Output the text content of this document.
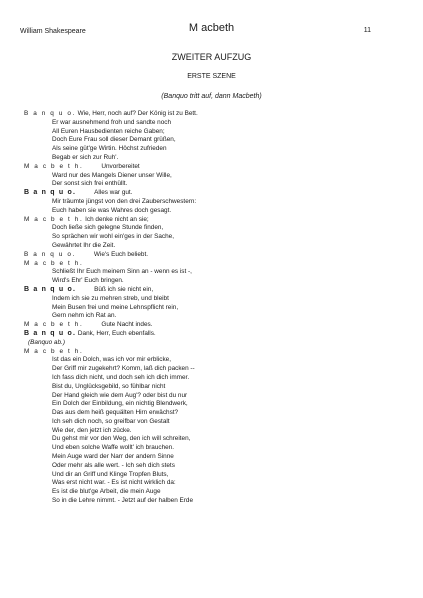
William Shakespeare	M acbeth	11
ZWEITER AUFZUG
ERSTE SZENE
(Banquo tritt auf, dann Macbeth)
B a n q u o. Wie, Herr, noch auf? Der König ist zu Bett.
Er war ausnehmend froh und sandte noch
All Euren Hausbedienten reiche Gaben;
Doch Eure Frau soll dieser Demant grüßen,
Als seine güt'ge Wirtin. Höchst zufrieden
Begab er sich zur Ruh'.
M a c b e t h.	Unvorbereitet
Ward nur des Mangels Diener unser Wille,
Der sonst sich frei enthüllt.
B a n q u o.	Alles war gut.
Mir träumte jüngst von den drei Zauberschwestern:
Euch haben sie was Wahres doch gesagt.
M a c b e t h. Ich denke nicht an sie;
Doch ließe sich gelegne Stunde finden,
So sprächen wir wohl ein'ges in der Sache,
Gewährtet Ihr die Zeit.
B a n q u o.	Wie's Euch beliebt.
M a c b e t h.
Schließt Ihr Euch meinem Sinn an - wenn es ist -,
Wird's Ehr' Euch bringen.
B a n q u o.	Büß ich sie nicht ein,
Indem ich sie zu mehren streb, und bleibt
Mein Busen frei und meine Lehnspflicht rein,
Gern nehm ich Rat an.
M a c b e t h.	Gute Nacht indes.
B a n q u o. Dank, Herr, Euch ebenfalls.
(Banquo ab.)
M a c b e t h.
Ist das ein Dolch, was ich vor mir erblicke,
Der Griff mir zugekehrt? Komm, laß dich packen --
Ich fass dich nicht, und doch seh ich dich immer.
Bist du, Unglücksgebild, so fühlbar nicht
Der Hand gleich wie dem Aug'? oder bist du nur
Ein Dolch der Einbildung, ein nichtig Blendwerk,
Das aus dem heiß gequälten Hirn erwächst?
Ich seh dich noch, so greifbar von Gestalt
Wie der, den jetzt ich zücke.
Du gehst mir vor den Weg, den ich will schreiten,
Und eben solche Waffe wollt' ich brauchen.
Mein Auge ward der Narr der andern Sinne
Oder mehr als alle wert. - Ich seh dich stets
Und dir an Griff und Klinge Tropfen Bluts,
Was erst nicht war. - Es ist nicht wirklich da:
Es ist die blut'ge Arbeit, die mein Auge
So in die Lehre nimmt. - Jetzt auf der halben Erde
